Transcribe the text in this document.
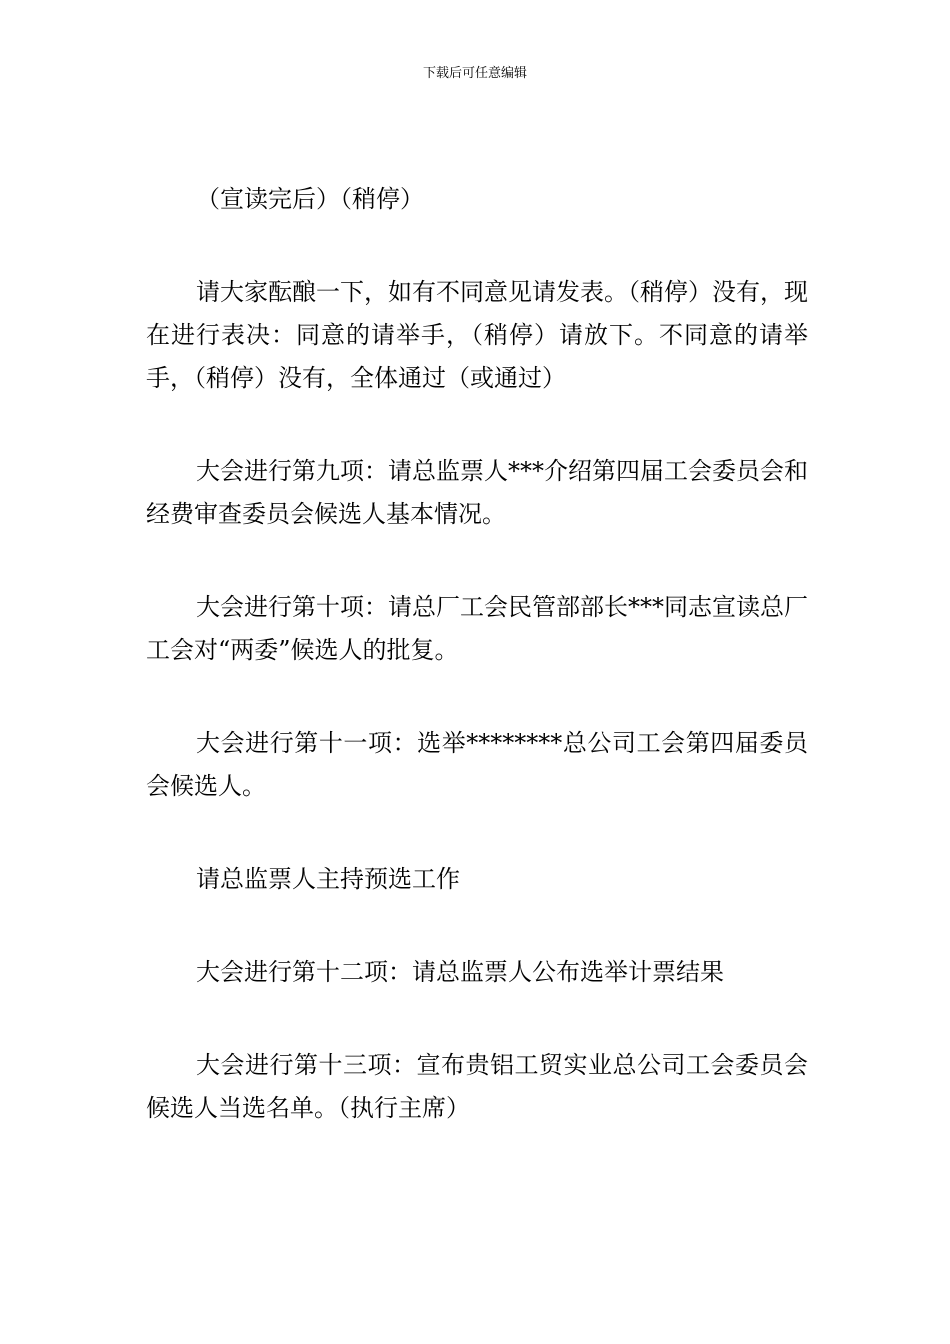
下载后可任意编辑

（宣读完后）（稍停）

请大家酝酿一下，如有不同意见请发表。（稍停）没有，现在进行表决：同意的请举手，（稍停）请放下。不同意的请举手，（稍停）没有，全体通过（或通过）

大会进行第九项：请总监票人***介绍第四届工会委员会和经费审查委员会候选人基本情况。

大会进行第十项：请总厂工会民管部部长***同志宣读总厂工会对“两委”候选人的批复。

大会进行第十一项：选举********总公司工会第四届委员会候选人。

请总监票人主持预选工作

大会进行第十二项：请总监票人公布选举计票结果

大会进行第十三项：宣布贵铝工贸实业总公司工会委员会候选人当选名单。（执行主席）
